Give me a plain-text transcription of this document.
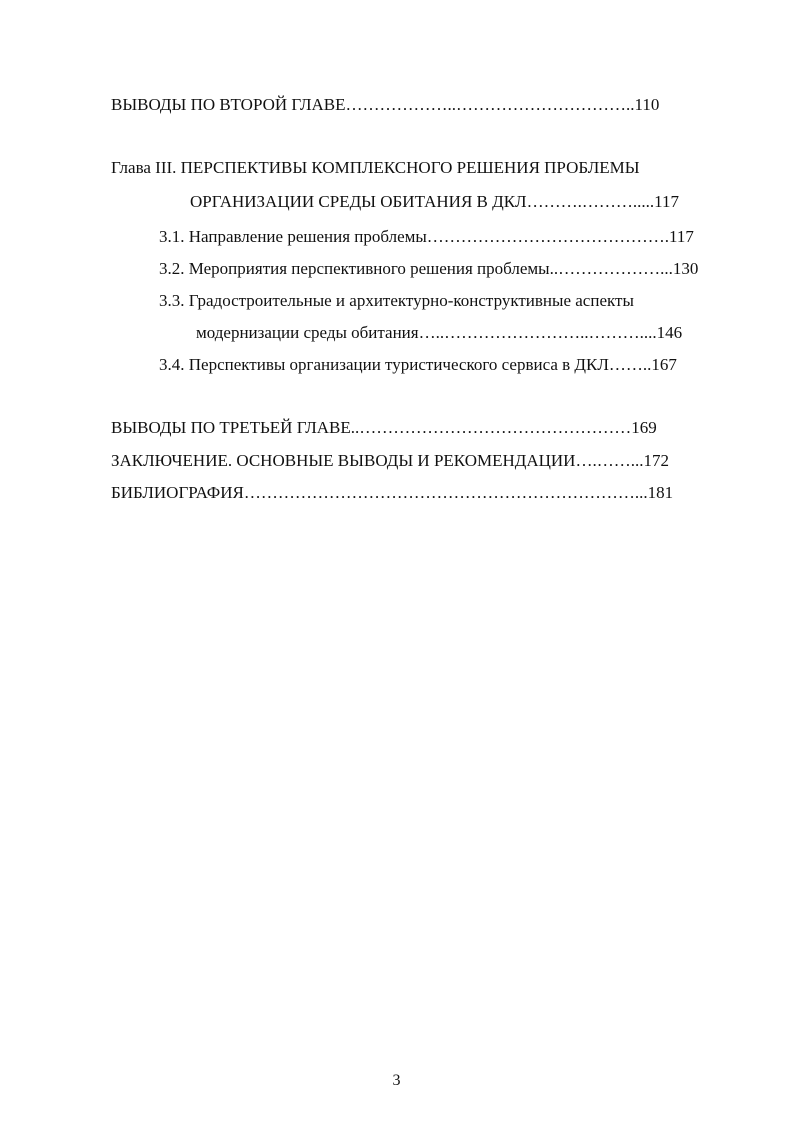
ВЫВОДЫ ПО ВТОРОЙ ГЛАВЕ………………..…………………………..110
Глава III. ПЕРСПЕКТИВЫ КОМПЛЕКСНОГО РЕШЕНИЯ ПРОБЛЕМЫ
ОРГАНИЗАЦИИ СРЕДЫ ОБИТАНИЯ В ДКЛ……….……….....117
3.1. Направление решения проблемы…………………………………….117
3.2. Мероприятия перспективного решения проблемы..………………...130
3.3. Градостроительные и архитектурно-конструктивные аспекты
модернизации среды обитания…..……………………..………....146
3.4. Перспективы организации туристического сервиса в ДКЛ……..167
ВЫВОДЫ ПО ТРЕТЬЕЙ ГЛАВЕ..…………………………………………169
ЗАКЛЮЧЕНИЕ. ОСНОВНЫЕ ВЫВОДЫ И РЕКОМЕНДАЦИИ….……...172
БИБЛИОГРАФИЯ……………………………………………………………...181
3
